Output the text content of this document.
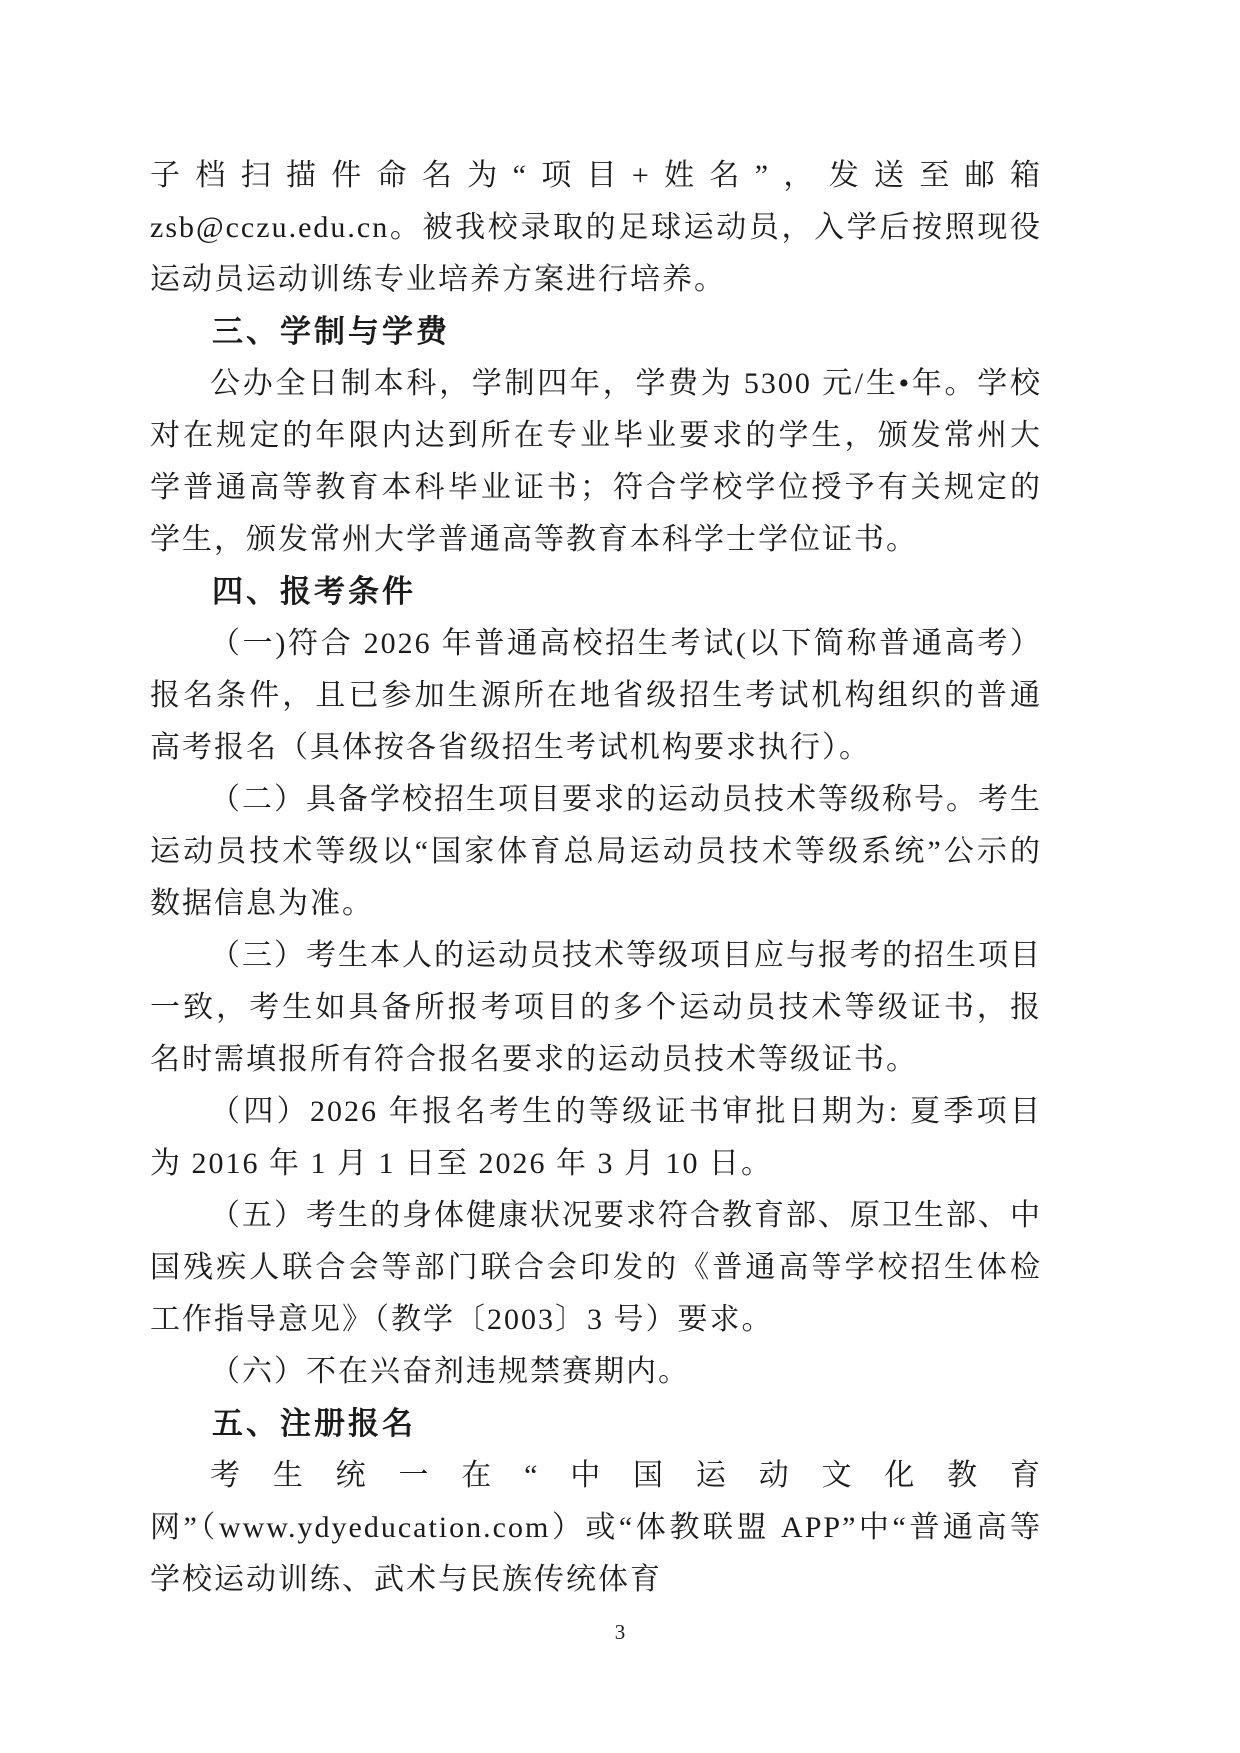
子档扫描件命名为“项目+姓名”，发送至邮箱 zsb@cczu.edu.cn。被我校录取的足球运动员，入学后按照现役运动员运动训练专业培养方案进行培养。

三、学制与学费

公办全日制本科，学制四年，学费为 5300 元/生•年。学校对在规定的年限内达到所在专业毕业要求的学生，颁发常州大学普通高等教育本科毕业证书；符合学校学位授予有关规定的学生，颁发常州大学普通高等教育本科学士学位证书。

四、报考条件

（一)符合 2026 年普通高校招生考试(以下简称普通高考）报名条件，且已参加生源所在地省级招生考试机构组织的普通高考报名（具体按各省级招生考试机构要求执行）。

（二）具备学校招生项目要求的运动员技术等级称号。考生运动员技术等级以“国家体育总局运动员技术等级系统”公示的数据信息为准。

（三）考生本人的运动员技术等级项目应与报考的招生项目一致，考生如具备所报考项目的多个运动员技术等级证书，报名时需填报所有符合报名要求的运动员技术等级证书。

（四）2026 年报名考生的等级证书审批日期为: 夏季项目为 2016 年 1 月 1 日至 2026 年 3 月 10 日。

（五）考生的身体健康状况要求符合教育部、原卫生部、中国残疾人联合会等部门联合会印发的《普通高等学校招生体检工作指导意见》（教学〔2003〕3 号）要求。

（六）不在兴奋剂违规禁赛期内。

五、注册报名

考生统一在“中国运动文化教育网”（www.ydyeducation.com）或“体教联盟 APP”中“普通高等学校运动训练、武术与民族传统体育

3
